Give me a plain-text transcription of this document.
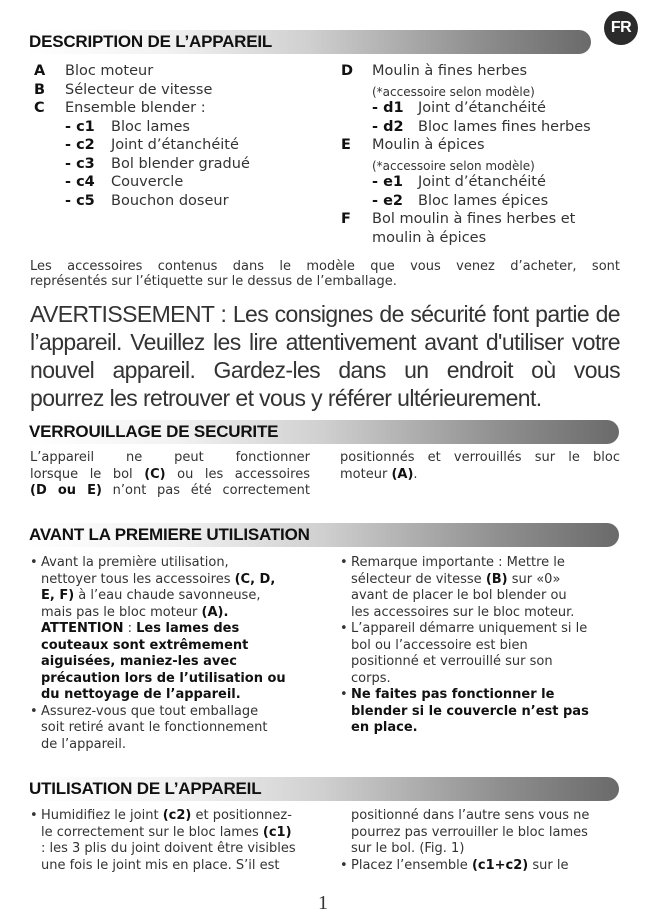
FR
DESCRIPTION DE L’APPAREIL
A Bloc moteur
B Sélecteur de vitesse
C Ensemble blender :
- c1 Bloc lames
- c2 Joint d’étanchéité
- c3 Bol blender gradué
- c4 Couvercle
- c5 Bouchon doseur
D Moulin à fines herbes
(*accessoire selon modèle)
- d1 Joint d’étanchéité
- d2 Bloc lames fines herbes
E Moulin à épices
(*accessoire selon modèle)
- e1 Joint d’étanchéité
- e2 Bloc lames épices
F Bol moulin à fines herbes et
moulin à épices
Les accessoires contenus dans le modèle que vous venez d’acheter, sont
représentés sur l’étiquette sur le dessus de l’emballage.
AVERTISSEMENT : Les consignes de sécurité font partie de
l’appareil. Veuillez les lire attentivement avant d'utiliser votre
nouvel appareil. Gardez-les dans un endroit où vous
pourrez les retrouver et vous y référer ultérieurement.
VERROUILLAGE DE SECURITE
L’appareil ne peut fonctionner
lorsque le bol (C) ou les accessoires
(D ou E) n’ont pas été correctement
positionnés et verrouillés sur le bloc
moteur (A).
AVANT LA PREMIERE UTILISATION
• Avant la première utilisation,
nettoyer tous les accessoires (C, D,
E, F) à l’eau chaude savonneuse,
mais pas le bloc moteur (A).
ATTENTION : Les lames des
couteaux sont extrêmement
aiguisées, maniez-les avec
précaution lors de l’utilisation ou
du nettoyage de l’appareil.
• Assurez-vous que tout emballage
soit retiré avant le fonctionnement
de l’appareil.
• Remarque importante : Mettre le
sélecteur de vitesse (B) sur «0»
avant de placer le bol blender ou
les accessoires sur le bloc moteur.
• L’appareil démarre uniquement si le
bol ou l’accessoire est bien
positionné et verrouillé sur son
corps.
• Ne faites pas fonctionner le
blender si le couvercle n’est pas
en place.
UTILISATION DE L’APPAREIL
• Humidifiez le joint (c2) et positionnez-
le correctement sur le bloc lames (c1)
: les 3 plis du joint doivent être visibles
une fois le joint mis en place. S’il est
positionné dans l’autre sens vous ne
pourrez pas verrouiller le bloc lames
sur le bol. (Fig. 1)
• Placez l’ensemble (c1+c2) sur le
1
